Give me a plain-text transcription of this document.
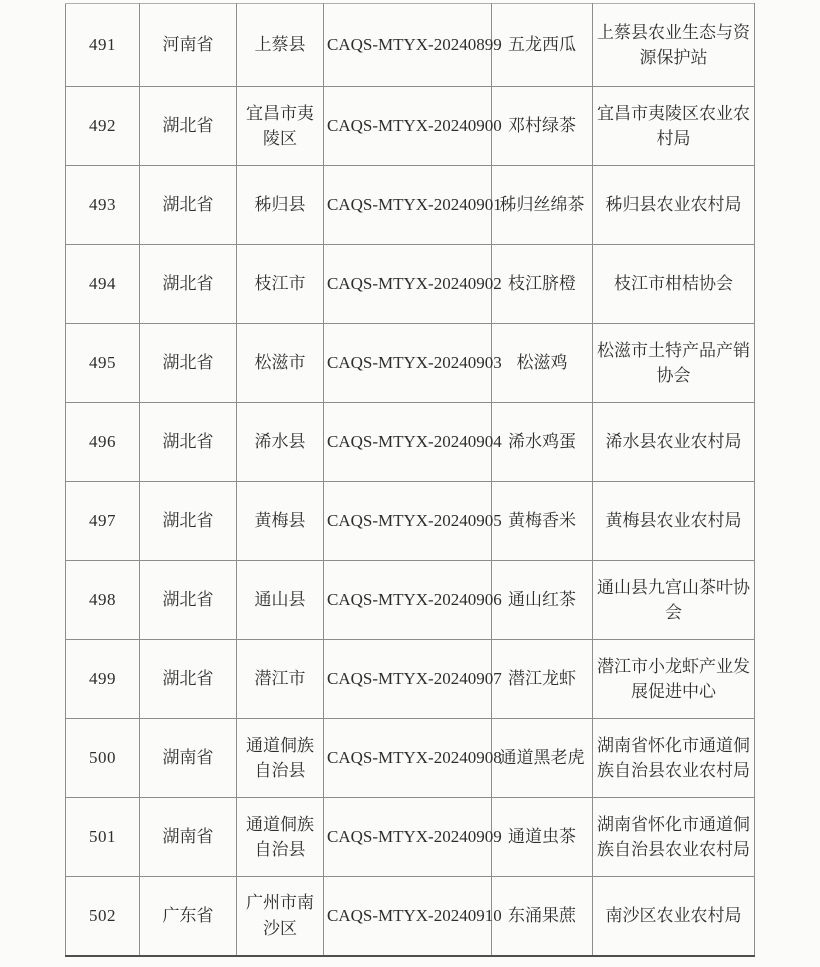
491	河南省	上蔡县	CAQS-MTYX-20240899	五龙西瓜	上蔡县农业生态与资源保护站
492	湖北省	宜昌市夷陵区	CAQS-MTYX-20240900	邓村绿茶	宜昌市夷陵区农业农村局
493	湖北省	秭归县	CAQS-MTYX-20240901	秭归丝绵茶	秭归县农业农村局
494	湖北省	枝江市	CAQS-MTYX-20240902	枝江脐橙	枝江市柑桔协会
495	湖北省	松滋市	CAQS-MTYX-20240903	松滋鸡	松滋市土特产品产销协会
496	湖北省	浠水县	CAQS-MTYX-20240904	浠水鸡蛋	浠水县农业农村局
497	湖北省	黄梅县	CAQS-MTYX-20240905	黄梅香米	黄梅县农业农村局
498	湖北省	通山县	CAQS-MTYX-20240906	通山红茶	通山县九宫山茶叶协会
499	湖北省	潜江市	CAQS-MTYX-20240907	潜江龙虾	潜江市小龙虾产业发展促进中心
500	湖南省	通道侗族自治县	CAQS-MTYX-20240908	通道黑老虎	湖南省怀化市通道侗族自治县农业农村局
501	湖南省	通道侗族自治县	CAQS-MTYX-20240909	通道虫茶	湖南省怀化市通道侗族自治县农业农村局
502	广东省	广州市南沙区	CAQS-MTYX-20240910	东涌果蔗	南沙区农业农村局
